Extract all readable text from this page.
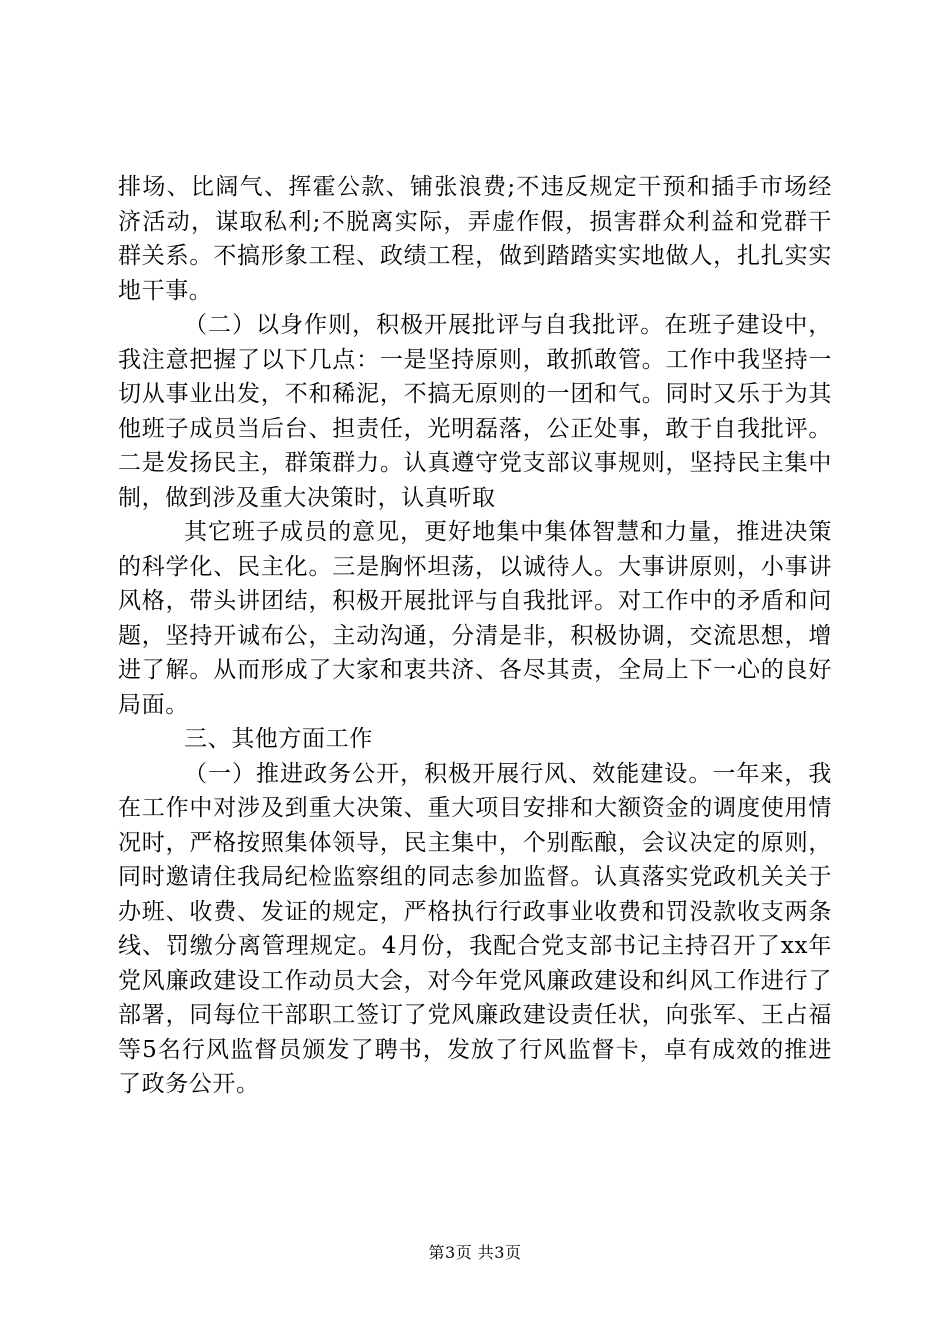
排场、比阔气、挥霍公款、铺张浪费;不违反规定干预和插手市场经济活动，谋取私利;不脱离实际，弄虚作假，损害群众利益和党群干群关系。不搞形象工程、政绩工程，做到踏踏实实地做人，扎扎实实地干事。

（二）以身作则，积极开展批评与自我批评。在班子建设中，我注意把握了以下几点：一是坚持原则，敢抓敢管。工作中我坚持一切从事业出发，不和稀泥，不搞无原则的一团和气。同时又乐于为其他班子成员当后台、担责任，光明磊落，公正处事，敢于自我批评。二是发扬民主，群策群力。认真遵守党支部议事规则，坚持民主集中制，做到涉及重大决策时，认真听取

其它班子成员的意见，更好地集中集体智慧和力量，推进决策的科学化、民主化。三是胸怀坦荡，以诚待人。大事讲原则，小事讲风格，带头讲团结，积极开展批评与自我批评。对工作中的矛盾和问题，坚持开诚布公，主动沟通，分清是非，积极协调，交流思想，增进了解。从而形成了大家和衷共济、各尽其责，全局上下一心的良好局面。

三、其他方面工作

（一）推进政务公开，积极开展行风、效能建设。一年来，我在工作中对涉及到重大决策、重大项目安排和大额资金的调度使用情况时，严格按照集体领导，民主集中，个别酝酿，会议决定的原则，同时邀请住我局纪检监察组的同志参加监督。认真落实党政机关关于办班、收费、发证的规定，严格执行行政事业收费和罚没款收支两条线、罚缴分离管理规定。4月份，我配合党支部书记主持召开了xx年党风廉政建设工作动员大会，对今年党风廉政建设和纠风工作进行了部署，同每位干部职工签订了党风廉政建设责任状，向张军、王占福等5名行风监督员颁发了聘书，发放了行风监督卡，卓有成效的推进了政务公开。

第3页 共3页
